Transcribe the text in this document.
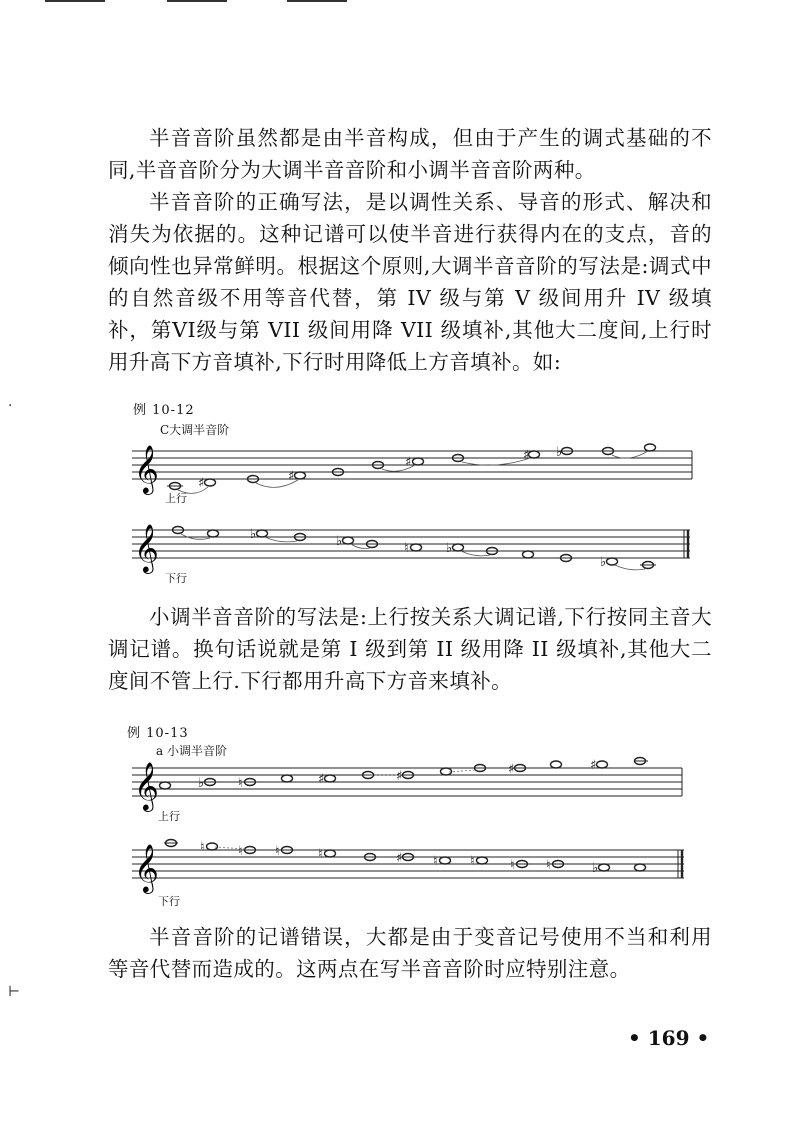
半音音阶虽然都是由半音构成，但由于产生的调式基础的不同,半音音阶分为大调半音音阶和小调半音音阶两种。

半音音阶的正确写法，是以调性关系、导音的形式、解决和消失为依据的。这种记谱可以使半音进行获得内在的支点，音的倾向性也异常鲜明。根据这个原则,大调半音音阶的写法是:调式中的自然音级不用等音代替，第 IV 级与第 V 级间用升 IV 级填补，第VI级与第 VII 级间用降 VII 级填补,其他大二度间,上行时用升高下方音填补,下行时用降低上方音填补。如:

例 10-12
C大调半音阶
𝄞	♯	♯
♯	♯ ♭
上行
𝄞	♭	♭	♮	♭
♭
下行

小调半音音阶的写法是:上行按关系大调记谱,下行按同主音大调记谱。换句话说就是第 I 级到第 II 级用降 II 级填补,其他大二度间不管上行.下行都用升高下方音来填补。

例 10-13
a 小调半音阶
𝄞	♭	♮	♯	♯	♯	♯
上行
𝄞	♮	♮ ♮	♮	♯ ♮ ♮	♮ ♮	♭
下行

半音音阶的记谱错误，大都是由于变音记号使用不当和利用等音代替而造成的。这两点在写半音音阶时应特别注意。

• 169 •
·
⊢
